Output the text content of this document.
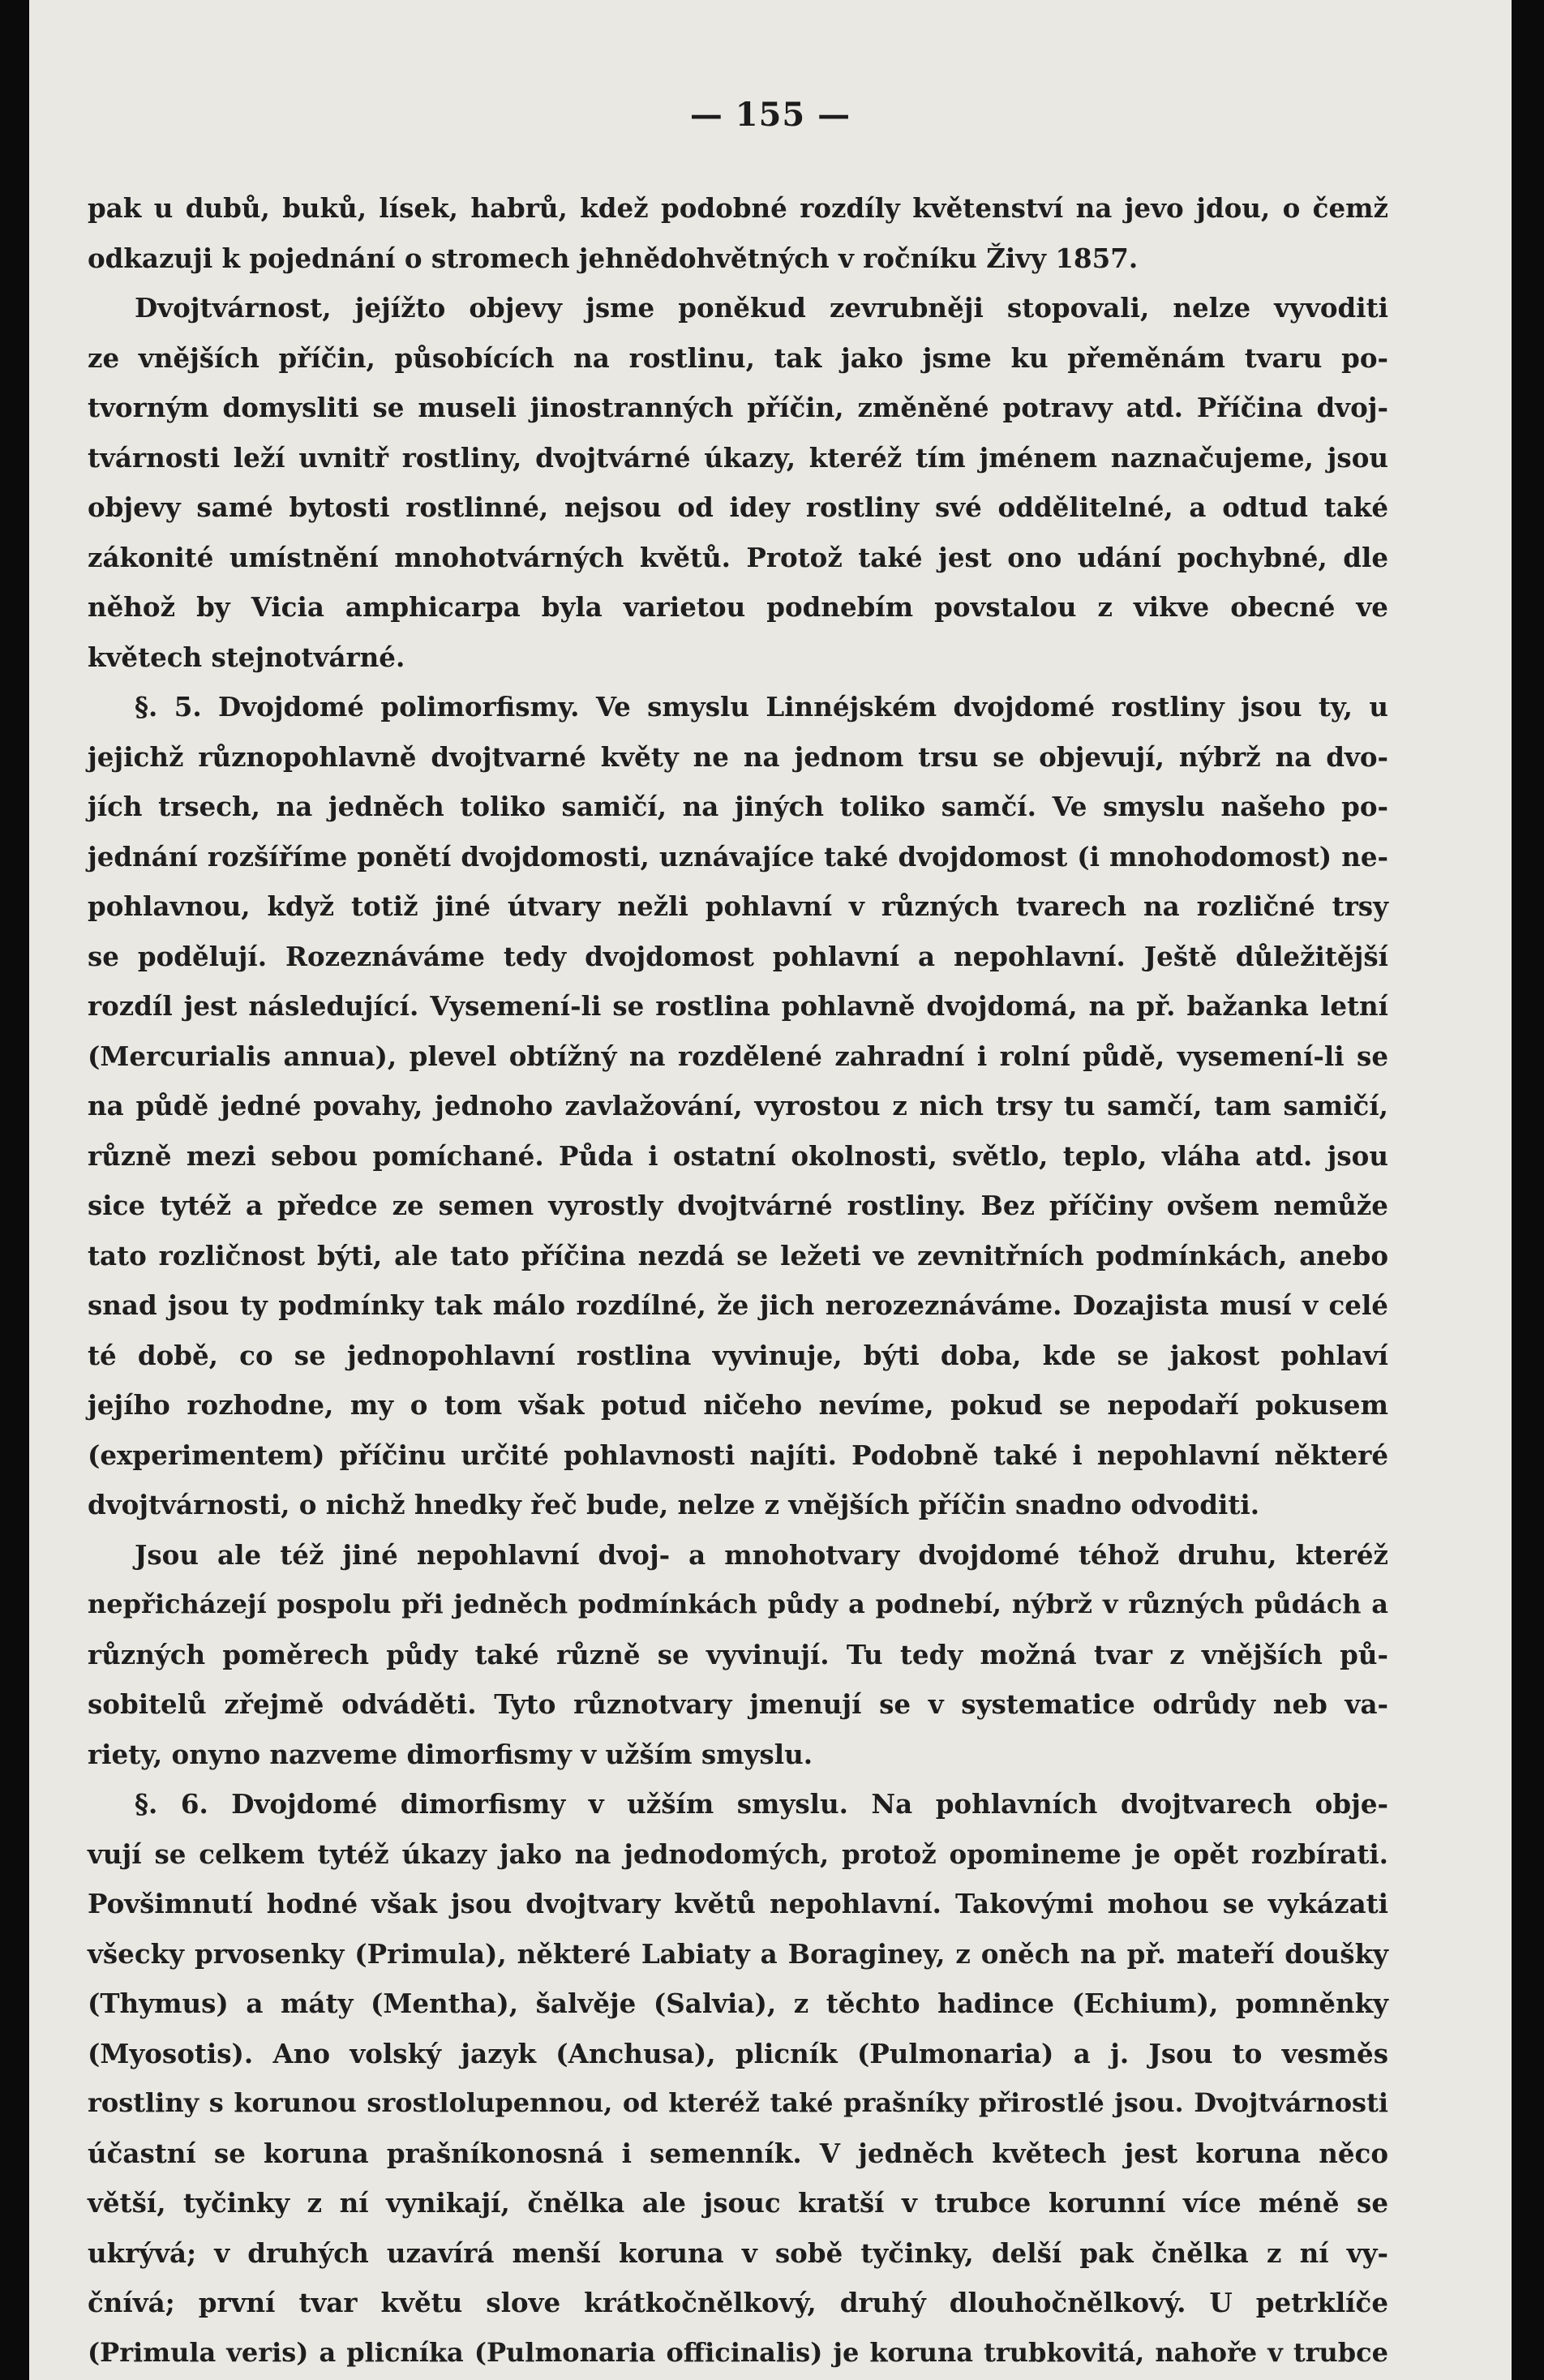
— 155 —
pak u dubů, buků, lísek, habrů, kdež podobné rozdíly květenství na jevo jdou, o čemž
odkazuji k pojednání o stromech jehnědohvětných v ročníku Živy 1857.
Dvojtvárnost, jejížto objevy jsme poněkud zevrubněji stopovali, nelze vyvoditi
ze vnějších příčin, působících na rostlinu, tak jako jsme ku přeměnám tvaru po-
tvorným domysliti se museli jinostranných příčin, změněné potravy atd. Příčina dvoj-
tvárnosti leží uvnitř rostliny, dvojtvárné úkazy, kteréž tím jménem naznačujeme, jsou
objevy samé bytosti rostlinné, nejsou od idey rostliny své oddělitelné, a odtud také
zákonité umístnění mnohotvárných květů. Protož také jest ono udání pochybné, dle
něhož by Vicia amphicarpa byla varietou podnebím povstalou z vikve obecné ve
květech stejnotvárné.
§. 5. Dvojdomé polimorfismy. Ve smyslu Linnéjském dvojdomé rostliny jsou ty, u
jejichž různopohlavně dvojtvarné květy ne na jednom trsu se objevují, nýbrž na dvo-
jích trsech, na jedněch toliko samičí, na jiných toliko samčí. Ve smyslu našeho po-
jednání rozšíříme ponětí dvojdomosti, uznávajíce také dvojdomost (i mnohodomost) ne-
pohlavnou, když totiž jiné útvary nežli pohlavní v různých tvarech na rozličné trsy
se podělují. Rozeznáváme tedy dvojdomost pohlavní a nepohlavní. Ještě důležitější
rozdíl jest následující. Vysemení-li se rostlina pohlavně dvojdomá, na př. bažanka letní
(Mercurialis annua), plevel obtížný na rozdělené zahradní i rolní půdě, vysemení-li se
na půdě jedné povahy, jednoho zavlažování, vyrostou z nich trsy tu samčí, tam samičí,
různě mezi sebou pomíchané. Půda i ostatní okolnosti, světlo, teplo, vláha atd. jsou
sice tytéž a předce ze semen vyrostly dvojtvárné rostliny. Bez příčiny ovšem nemůže
tato rozličnost býti, ale tato příčina nezdá se ležeti ve zevnitřních podmínkách, anebo
snad jsou ty podmínky tak málo rozdílné, že jich nerozeznáváme. Dozajista musí v celé
té době, co se jednopohlavní rostlina vyvinuje, býti doba, kde se jakost pohlaví
jejího rozhodne, my o tom však potud ničeho nevíme, pokud se nepodaří pokusem
(experimentem) příčinu určité pohlavnosti najíti. Podobně také i nepohlavní některé
dvojtvárnosti, o nichž hnedky řeč bude, nelze z vnějších příčin snadno odvoditi.
Jsou ale též jiné nepohlavní dvoj- a mnohotvary dvojdomé téhož druhu, kteréž
nepřicházejí pospolu při jedněch podmínkách půdy a podnebí, nýbrž v různých půdách a
různých poměrech půdy také různě se vyvinují. Tu tedy možná tvar z vnějších pů-
sobitelů zřejmě odváděti. Tyto různotvary jmenují se v systematice odrůdy neb va-
riety, onyno nazveme dimorfismy v užším smyslu.
§. 6. Dvojdomé dimorfismy v užším smyslu. Na pohlavních dvojtvarech obje-
vují se celkem tytéž úkazy jako na jednodomých, protož opomineme je opět rozbírati.
Povšimnutí hodné však jsou dvojtvary květů nepohlavní. Takovými mohou se vykázati
všecky prvosenky (Primula), některé Labiaty a Boraginey, z oněch na př. mateří doušky
(Thymus) a máty (Mentha), šalvěje (Salvia), z těchto hadince (Echium), pomněnky
(Myosotis). Ano volský jazyk (Anchusa), plicník (Pulmonaria) a j. Jsou to vesměs
rostliny s korunou srostlolupennou, od kteréž také prašníky přirostlé jsou. Dvojtvárnosti
účastní se koruna prašníkonosná i semenník. V jedněch květech jest koruna něco
větší, tyčinky z ní vynikají, čnělka ale jsouc kratší v trubce korunní více méně se
ukrývá; v druhých uzavírá menší koruna v sobě tyčinky, delší pak čnělka z ní vy-
čnívá; první tvar květu slove krátkočnělkový, druhý dlouhočnělkový. U petrklíče
(Primula veris) a plicníka (Pulmonaria officinalis) je koruna trubkovitá, nahoře v trubce
